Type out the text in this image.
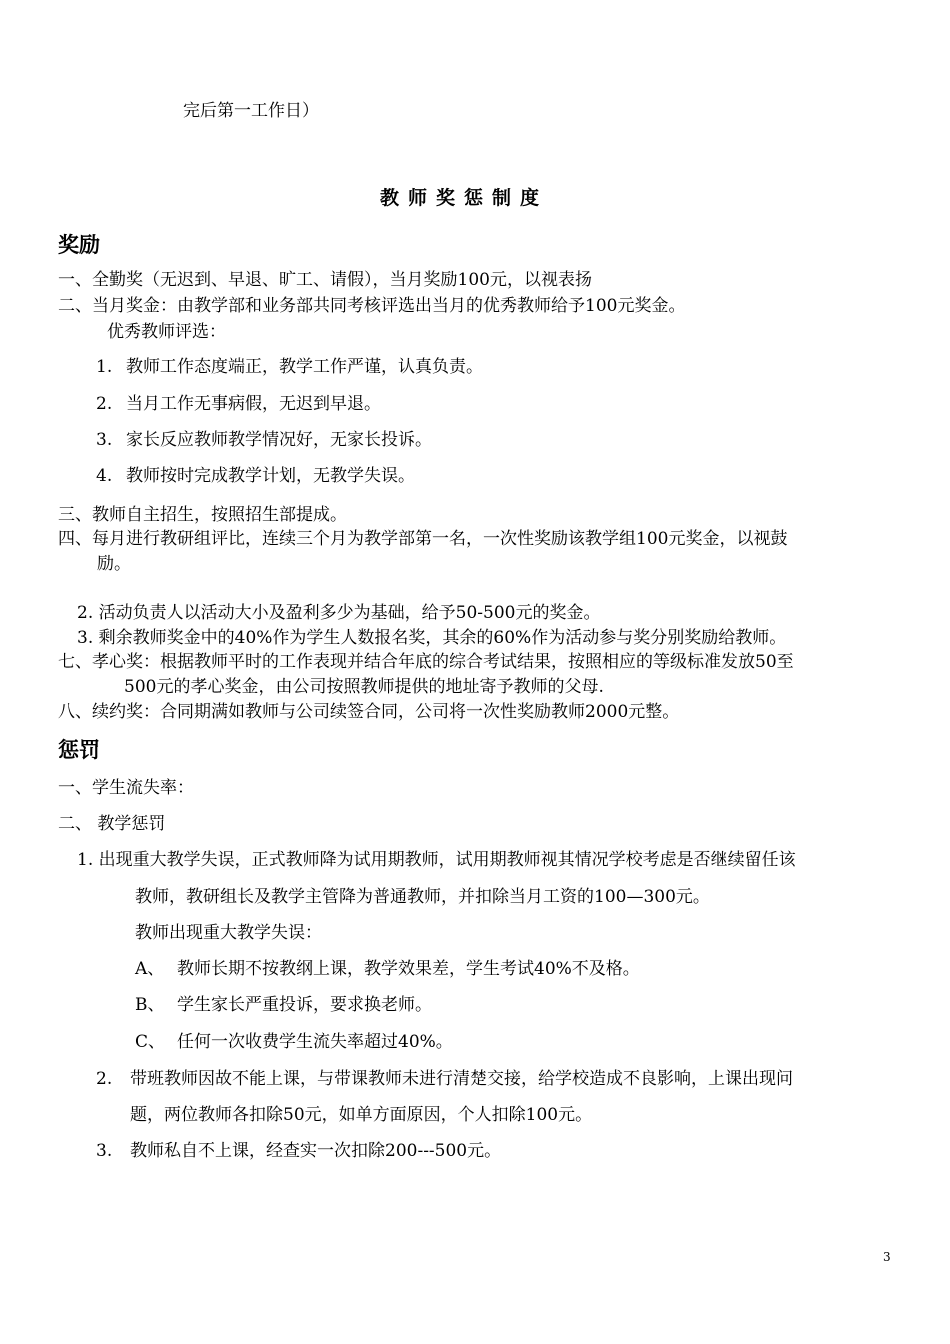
完后第一工作日）
教师奖惩制度
奖励
一、全勤奖（无迟到、早退、旷工、请假），当月奖励100元，以视表扬
二、当月奖金：由教学部和业务部共同考核评选出当月的优秀教师给予100元奖金。
优秀教师评选：
1. 教师工作态度端正，教学工作严谨，认真负责。
2. 当月工作无事病假，无迟到早退。
3. 家长反应教师教学情况好，无家长投诉。
4. 教师按时完成教学计划，无教学失误。
三、教师自主招生，按照招生部提成。
四、每月进行教研组评比，连续三个月为教学部第一名，一次性奖励该教学组100元奖金，以视鼓
励。
2. 活动负责人以活动大小及盈利多少为基础，给予50-500元的奖金。
3. 剩余教师奖金中的40%作为学生人数报名奖，其余的60%作为活动参与奖分别奖励给教师。
七、孝心奖：根据教师平时的工作表现并结合年底的综合考试结果，按照相应的等级标准发放50至
500元的孝心奖金，由公司按照教师提供的地址寄予教师的父母.
八、续约奖：合同期满如教师与公司续签合同，公司将一次性奖励教师2000元整。
惩罚
一、学生流失率：
二、 教学惩罚
1. 出现重大教学失误，正式教师降为试用期教师，试用期教师视其情况学校考虑是否继续留任该
教师，教研组长及教学主管降为普通教师，并扣除当月工资的100—300元。
教师出现重大教学失误：
A、 教师长期不按教纲上课，教学效果差，学生考试40%不及格。
B、 学生家长严重投诉，要求换老师。
C、 任何一次收费学生流失率超过40%。
2. 带班教师因故不能上课，与带课教师未进行清楚交接，给学校造成不良影响，上课出现问
题，两位教师各扣除50元，如单方面原因，个人扣除100元。
3. 教师私自不上课，经查实一次扣除200---500元。
3
